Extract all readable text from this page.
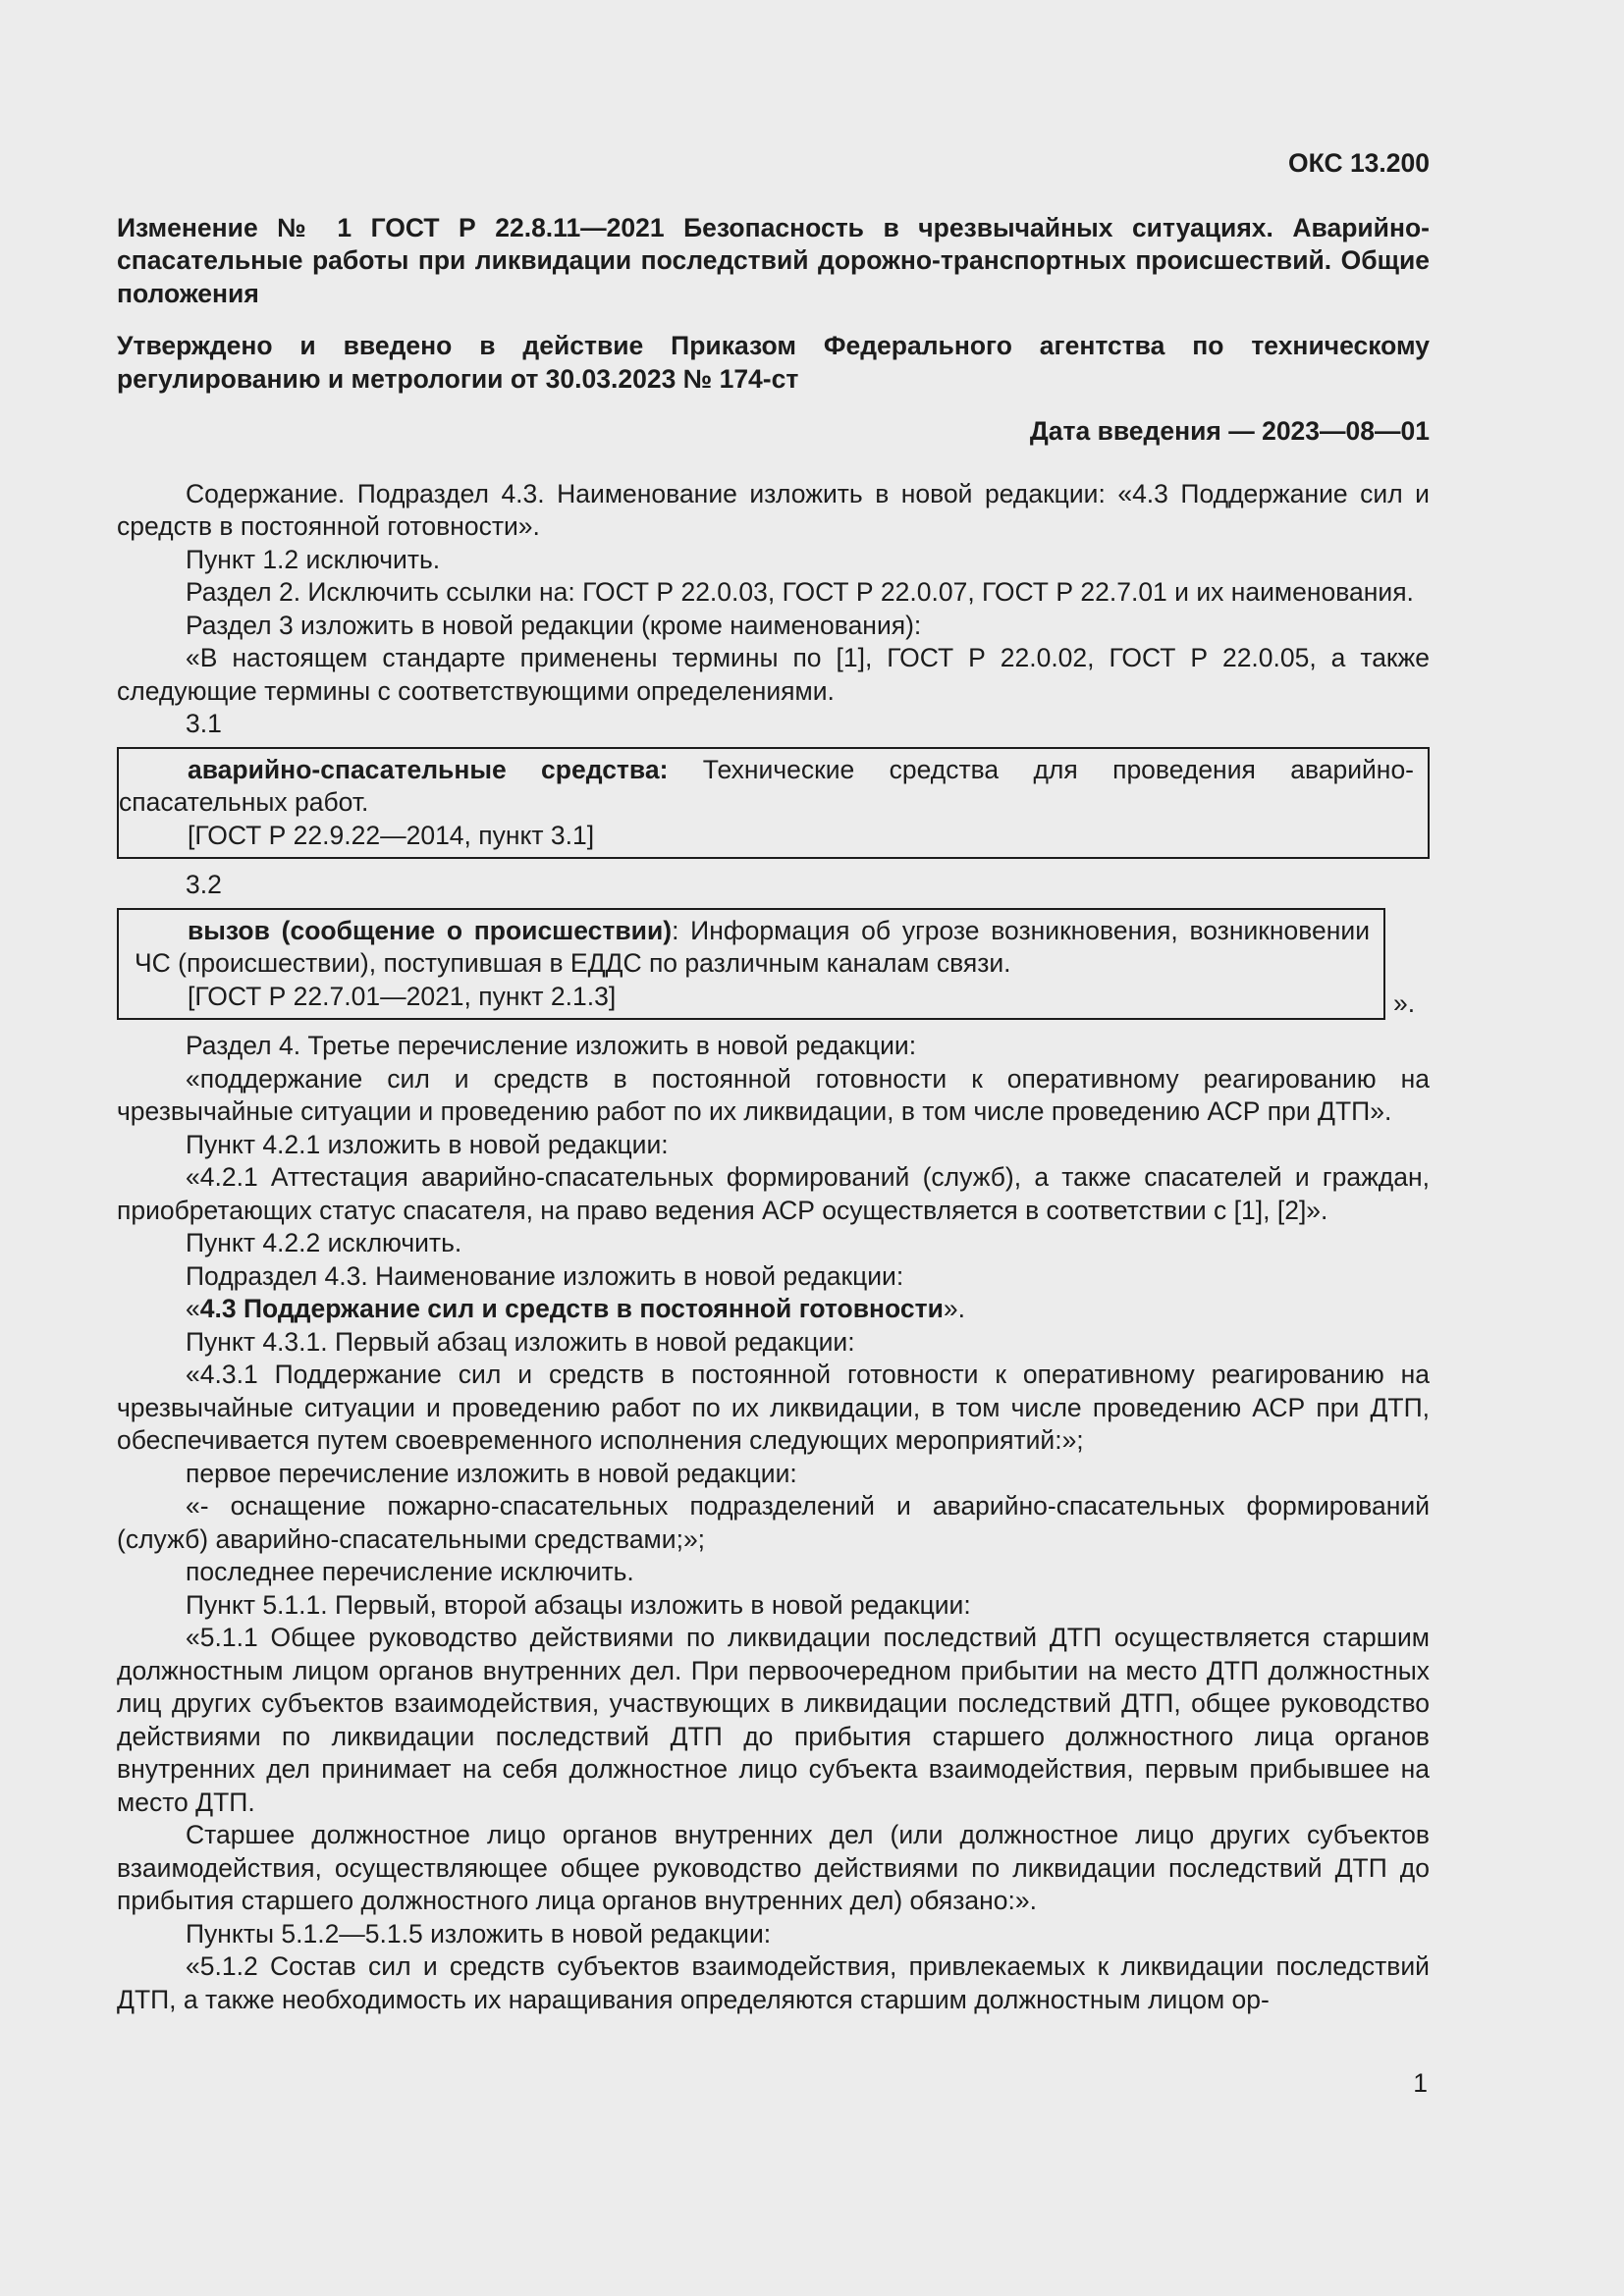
ОКС 13.200
Изменение № 1 ГОСТ Р 22.8.11—2021 Безопасность в чрезвычайных ситуациях. Аварийно-спасательные работы при ликвидации последствий дорожно-транспортных происшествий. Общие положения
Утверждено и введено в действие Приказом Федерального агентства по техническому регулированию и метрологии от 30.03.2023 № 174-ст
Дата введения — 2023—08—01
Содержание. Подраздел 4.3. Наименование изложить в новой редакции: «4.3 Поддержание сил и средств в постоянной готовности».
Пункт 1.2 исключить.
Раздел 2. Исключить ссылки на: ГОСТ Р 22.0.03, ГОСТ Р 22.0.07, ГОСТ Р 22.7.01 и их наименования.
Раздел 3 изложить в новой редакции (кроме наименования):
«В настоящем стандарте применены термины по [1], ГОСТ Р 22.0.02, ГОСТ Р 22.0.05, а также следующие термины с соответствующими определениями.
3.1
аварийно-спасательные средства: Технические средства для проведения аварийно-спасательных работ.
[ГОСТ Р 22.9.22—2014, пункт 3.1]
3.2
вызов (сообщение о происшествии): Информация об угрозе возникновения, возникновении ЧС (происшествии), поступившая в ЕДДС по различным каналам связи.
[ГОСТ Р 22.7.01—2021, пункт 2.1.3]	».
Раздел 4. Третье перечисление изложить в новой редакции:
«поддержание сил и средств в постоянной готовности к оперативному реагированию на чрезвычайные ситуации и проведению работ по их ликвидации, в том числе проведению АСР при ДТП».
Пункт 4.2.1 изложить в новой редакции:
«4.2.1 Аттестация аварийно-спасательных формирований (служб), а также спасателей и граждан, приобретающих статус спасателя, на право ведения АСР осуществляется в соответствии с [1], [2]».
Пункт 4.2.2 исключить.
Подраздел 4.3. Наименование изложить в новой редакции:
«4.3 Поддержание сил и средств в постоянной готовности».
Пункт 4.3.1. Первый абзац изложить в новой редакции:
«4.3.1 Поддержание сил и средств в постоянной готовности к оперативному реагированию на чрезвычайные ситуации и проведению работ по их ликвидации, в том числе проведению АСР при ДТП, обеспечивается путем своевременного исполнения следующих мероприятий:»;
первое перечисление изложить в новой редакции:
«- оснащение пожарно-спасательных подразделений и аварийно-спасательных формирований (служб) аварийно-спасательными средствами;»;
последнее перечисление исключить.
Пункт 5.1.1. Первый, второй абзацы изложить в новой редакции:
«5.1.1 Общее руководство действиями по ликвидации последствий ДТП осуществляется старшим должностным лицом органов внутренних дел. При первоочередном прибытии на место ДТП должностных лиц других субъектов взаимодействия, участвующих в ликвидации последствий ДТП, общее руководство действиями по ликвидации последствий ДТП до прибытия старшего должностного лица органов внутренних дел принимает на себя должностное лицо субъекта взаимодействия, первым прибывшее на место ДТП.
Старшее должностное лицо органов внутренних дел (или должностное лицо других субъектов взаимодействия, осуществляющее общее руководство действиями по ликвидации последствий ДТП до прибытия старшего должностного лица органов внутренних дел) обязано:».
Пункты 5.1.2—5.1.5 изложить в новой редакции:
«5.1.2 Состав сил и средств субъектов взаимодействия, привлекаемых к ликвидации последствий ДТП, а также необходимость их наращивания определяются старшим должностным лицом ор-
1
